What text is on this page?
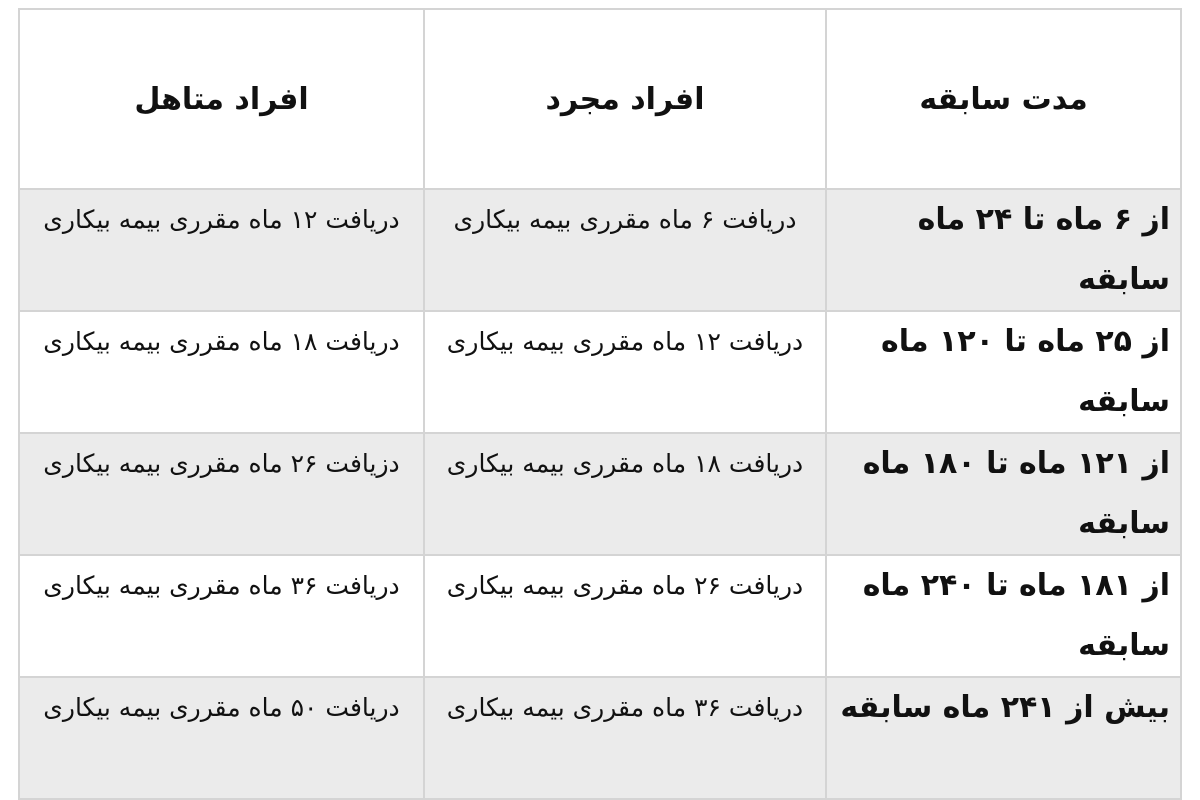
مدت سابقه	افراد مجرد	افراد متاهل
از ۶ ماه تا ۲۴ ماه سابقه	دریافت ۶ ماه مقرری بیمه بیکاری	دریافت ۱۲ ماه مقرری بیمه بیکاری
از ۲۵ ماه تا ۱۲۰ ماه سابقه	دریافت ۱۲ ماه مقرری بیمه بیکاری	دریافت ۱۸ ماه مقرری بیمه بیکاری
از ۱۲۱ ماه تا ۱۸۰ ماه سابقه	دریافت ۱۸ ماه مقرری بیمه بیکاری	دزیافت ۲۶ ماه مقرری بیمه بیکاری
از ۱۸۱ ماه تا ۲۴۰ ماه سابقه	دریافت ۲۶ ماه مقرری بیمه بیکاری	دریافت ۳۶ ماه مقرری بیمه بیکاری
بیش از ۲۴۱ ماه سابقه	دریافت ۳۶ ماه مقرری بیمه بیکاری	دریافت ۵۰ ماه مقرری بیمه بیکاری
